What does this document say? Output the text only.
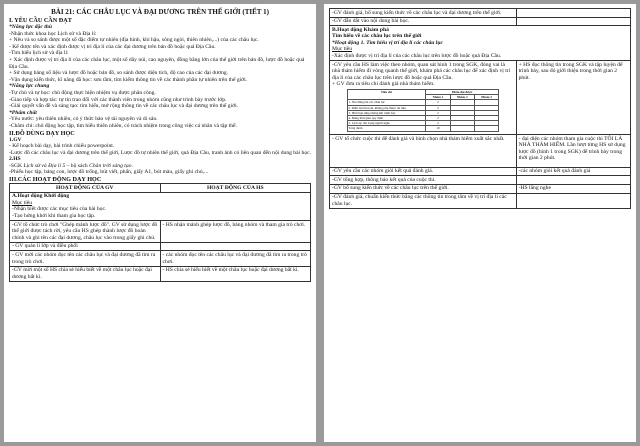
BÀI 21: CÁC CHÂU LỤC VÀ ĐẠI DƯƠNG TRÊN THẾ GIỚI (TIẾT 1)

I. YÊU CẦU CẦN ĐẠT

*Năng lực đặc thù

-Nhận thức khoa học Lịch sử và Địa lí:

+ Nêu và so sánh được một số đặc điểm tự nhiên (địa hình, khí hậu, sông ngòi, thiên nhiên,...) của các châu lục.

- Kể được tên và xác định được vị trí địa lí của các đại dương trên bản đồ hoặc quả Địa Cầu.

-Tìm hiểu lịch sử và địa lí:

+ Xác định được vị trí địa lí của các châu lục, một số dãy núi, cao nguyên, đồng bằng lớn của thế giới trên bản đồ, lược đồ hoặc quả Địa Cầu.

+ Sử dụng bảng số liệu và lược đồ hoặc bản đồ, so sánh được diện tích, độ cao của các đại dương.

-Vận dụng kiến thức, kĩ năng đã học: sưu tầm, tìm kiếm thông tin về các thành phần tự nhiên trên thế giới.

*Năng lực chung

-Tự chủ và tự học: chủ động thực hiện nhiệm vụ được phân công.

-Giao tiếp và hợp tác: tự tin trao đổi với các thành viên trong nhóm cũng như trình bày trước lớp.

-Giải quyết vấn đề và sáng tạo: tìm hiểu, mở rộng thông tin về các châu lục và đại dương trên thế giới.

*Phẩm chất

-Yêu nước: yêu thiên nhiên, có ý thức bảo vệ tài nguyên và di sản.

-Chăm chỉ: chủ động học tập, tìm hiểu thiên nhiên, có trách nhiệm trong công việc cá nhân và tập thể.

II.ĐỒ DÙNG DẠY HỌC

1.GV

- Kế hoạch bài dạy, bài trình chiếu powerpoint.

-Lược đồ các châu lục và đại dương trên thế giới, Lược đồ tự nhiên thế giới, quả Địa Cầu, tranh ảnh có liên quan đến nội dung bài học.

2.HS

-SGK Lịch sử và Địa lí 5 – bộ sách Chân trời sáng tạo.

-Phiếu học tập, bảng con, lược đồ trống, bút viết, phấn, giấy A1, bút màu, giấy ghi chú,...

III.CÁC HOẠT ĐỘNG DẠY HỌC

HOẠT ĐỘNG CỦA GV	HOẠT ĐỘNG CỦA HS

A.Hoạt động Khởi động

Mục tiêu

-Nhận biết được các mục tiêu của bài học.

-Tạo hứng khởi khi tham gia học tập.	

-GV tổ chức trò chơi "Ghép mảnh lược đồ". GV sử dụng lược đồ thế giới được tách rời, yêu cầu HS ghép thành lược đồ hoàn chỉnh và ghi tên các đại dương, châu lục vào trong giấy ghi chú.	- HS nhận mảnh ghép lược đồ, bảng nhóm và tham gia trò chơi.
- GV quản lí lớp và điều phối	
- GV mời các nhóm đọc tên các châu lục và đại dương đã tìm ra trong trò chơi.	- các nhóm đọc tên các châu lục và đại dương đã tìm ra trong trò chơi.
-GV mời một số HS chia sẻ hiểu biết về một châu lục hoặc đại dương bất kì.	- HS chia sẻ hiểu biết về một châu lục hoặc đại dương bất kì.
-GV đánh giá, bổ sung kiến thức về các châu lục và đại dương trên thế giới.	
-GV dẫn dắt vào nội dung bài học.	

B.Hoạt động Khám phá

Tìm hiểu về các châu lục trên thế giới

*Hoạt động 1. Tìm hiểu vị trí địa lí các châu lục

Mục tiêu

-Xác định được vị trí địa lí của các châu lục trên lược đồ hoặc quả Địa Cầu.

-GV yêu cầu HS làm việc theo nhóm, quan sát hình 1 trong SGK, đóng vai là nhà thám hiểm đi vòng quanh thế giới, khám phá các châu lục để xác định vị trí địa lí của các châu lục trên lược đồ hoặc quả Địa Cầu.

+ GV đưa ra tiêu chí đánh giá nhà thám hiểm.

Tiêu chí	Điểm đạt được
Nhóm 1	Nhóm 2	Nhóm 3
1. Nói đúng tên các châu lục	2		
2. Diễn đạt lưu loát, không phụ thuộc tài liệu	2		
3. Phối hợp nhịp nhàng khi trình bày	2		
4. Đúng thời gian quy định	2		
5. Lịch sự, tôn trọng người nghe	2		
Tổng điểm	10		
	+ HS đọc thông tin trong SGK và tập luyện để trình bày, sau đó giới thiệu trong thời gian 2 phút.

- GV tổ chức cuộc thi để đánh giá và bình chọn nhà thám hiểm xuất sắc nhất.	- đại diện các nhóm tham gia cuộc thi TÔI LÀ NHÀ THÁM HIỂM. Lần lượt từng HS sử dụng lược đồ (hình 1 trong SGK) để trình bày trong thời gian 2 phút.
-GV yêu cầu các nhóm giỏi kết quả đánh giá.	-các nhóm giỏi kết quả đánh giá
-GV tổng hợp, thông báo kết quả của cuộc thi.	
-GV bổ sung kiến thức về các châu lục trên thế giới.	-HS lắng nghe
-GV đánh giá, chuẩn kiến thức bằng các thông tin trong tâm về vị trí địa lí các châu lục.	
